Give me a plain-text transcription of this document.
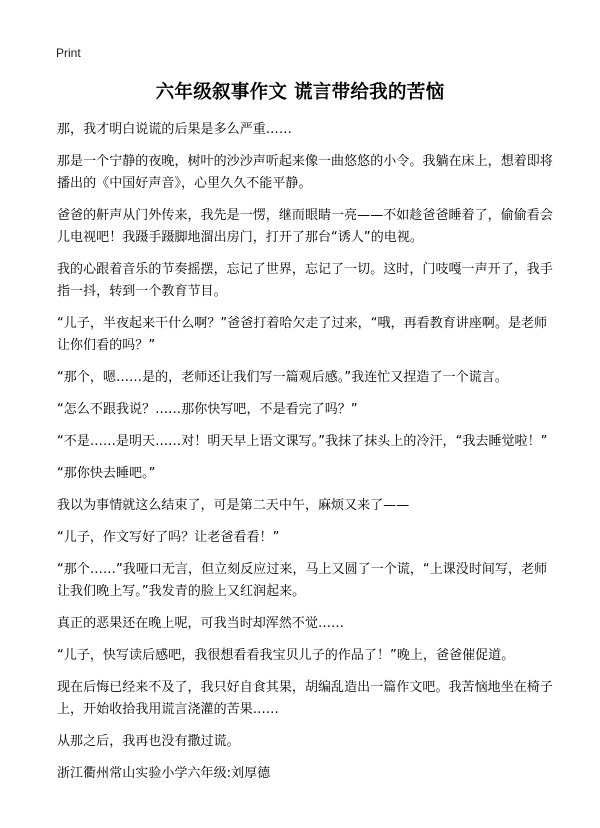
Print
六年级叙事作文 谎言带给我的苦恼

那，我才明白说谎的后果是多么严重……

那是一个宁静的夜晚，树叶的沙沙声听起来像一曲悠悠的小令。我躺在床上，想着即将播出的《中国好声音》，心里久久不能平静。

爸爸的鼾声从门外传来，我先是一愣，继而眼睛一亮——不如趁爸爸睡着了，偷偷看会儿电视吧！我蹑手蹑脚地溜出房门，打开了那台“诱人”的电视。

我的心跟着音乐的节奏摇摆，忘记了世界，忘记了一切。这时，门吱嘎一声开了，我手指一抖，转到一个教育节目。

“儿子，半夜起来干什么啊？”爸爸打着哈欠走了过来，“哦，再看教育讲座啊。是老师让你们看的吗？”

“那个，嗯……是的，老师还让我们写一篇观后感。”我连忙又捏造了一个谎言。

“怎么不跟我说？……那你快写吧，不是看完了吗？”

“不是……是明天……对！明天早上语文课写。”我抹了抹头上的冷汗，“我去睡觉啦！”

“那你快去睡吧。”

我以为事情就这么结束了，可是第二天中午，麻烦又来了——

“儿子，作文写好了吗？让老爸看看！”

“那个……”我哑口无言，但立刻反应过来，马上又圆了一个谎，“上课没时间写，老师让我们晚上写。”我发青的脸上又红润起来。

真正的恶果还在晚上呢，可我当时却浑然不觉……

“儿子，快写读后感吧，我很想看看我宝贝儿子的作品了！”晚上，爸爸催促道。

现在后悔已经来不及了，我只好自食其果，胡编乱造出一篇作文吧。我苦恼地坐在椅子上，开始收拾我用谎言浇灌的苦果……

从那之后，我再也没有撒过谎。

浙江衢州常山实验小学六年级:刘厚德
